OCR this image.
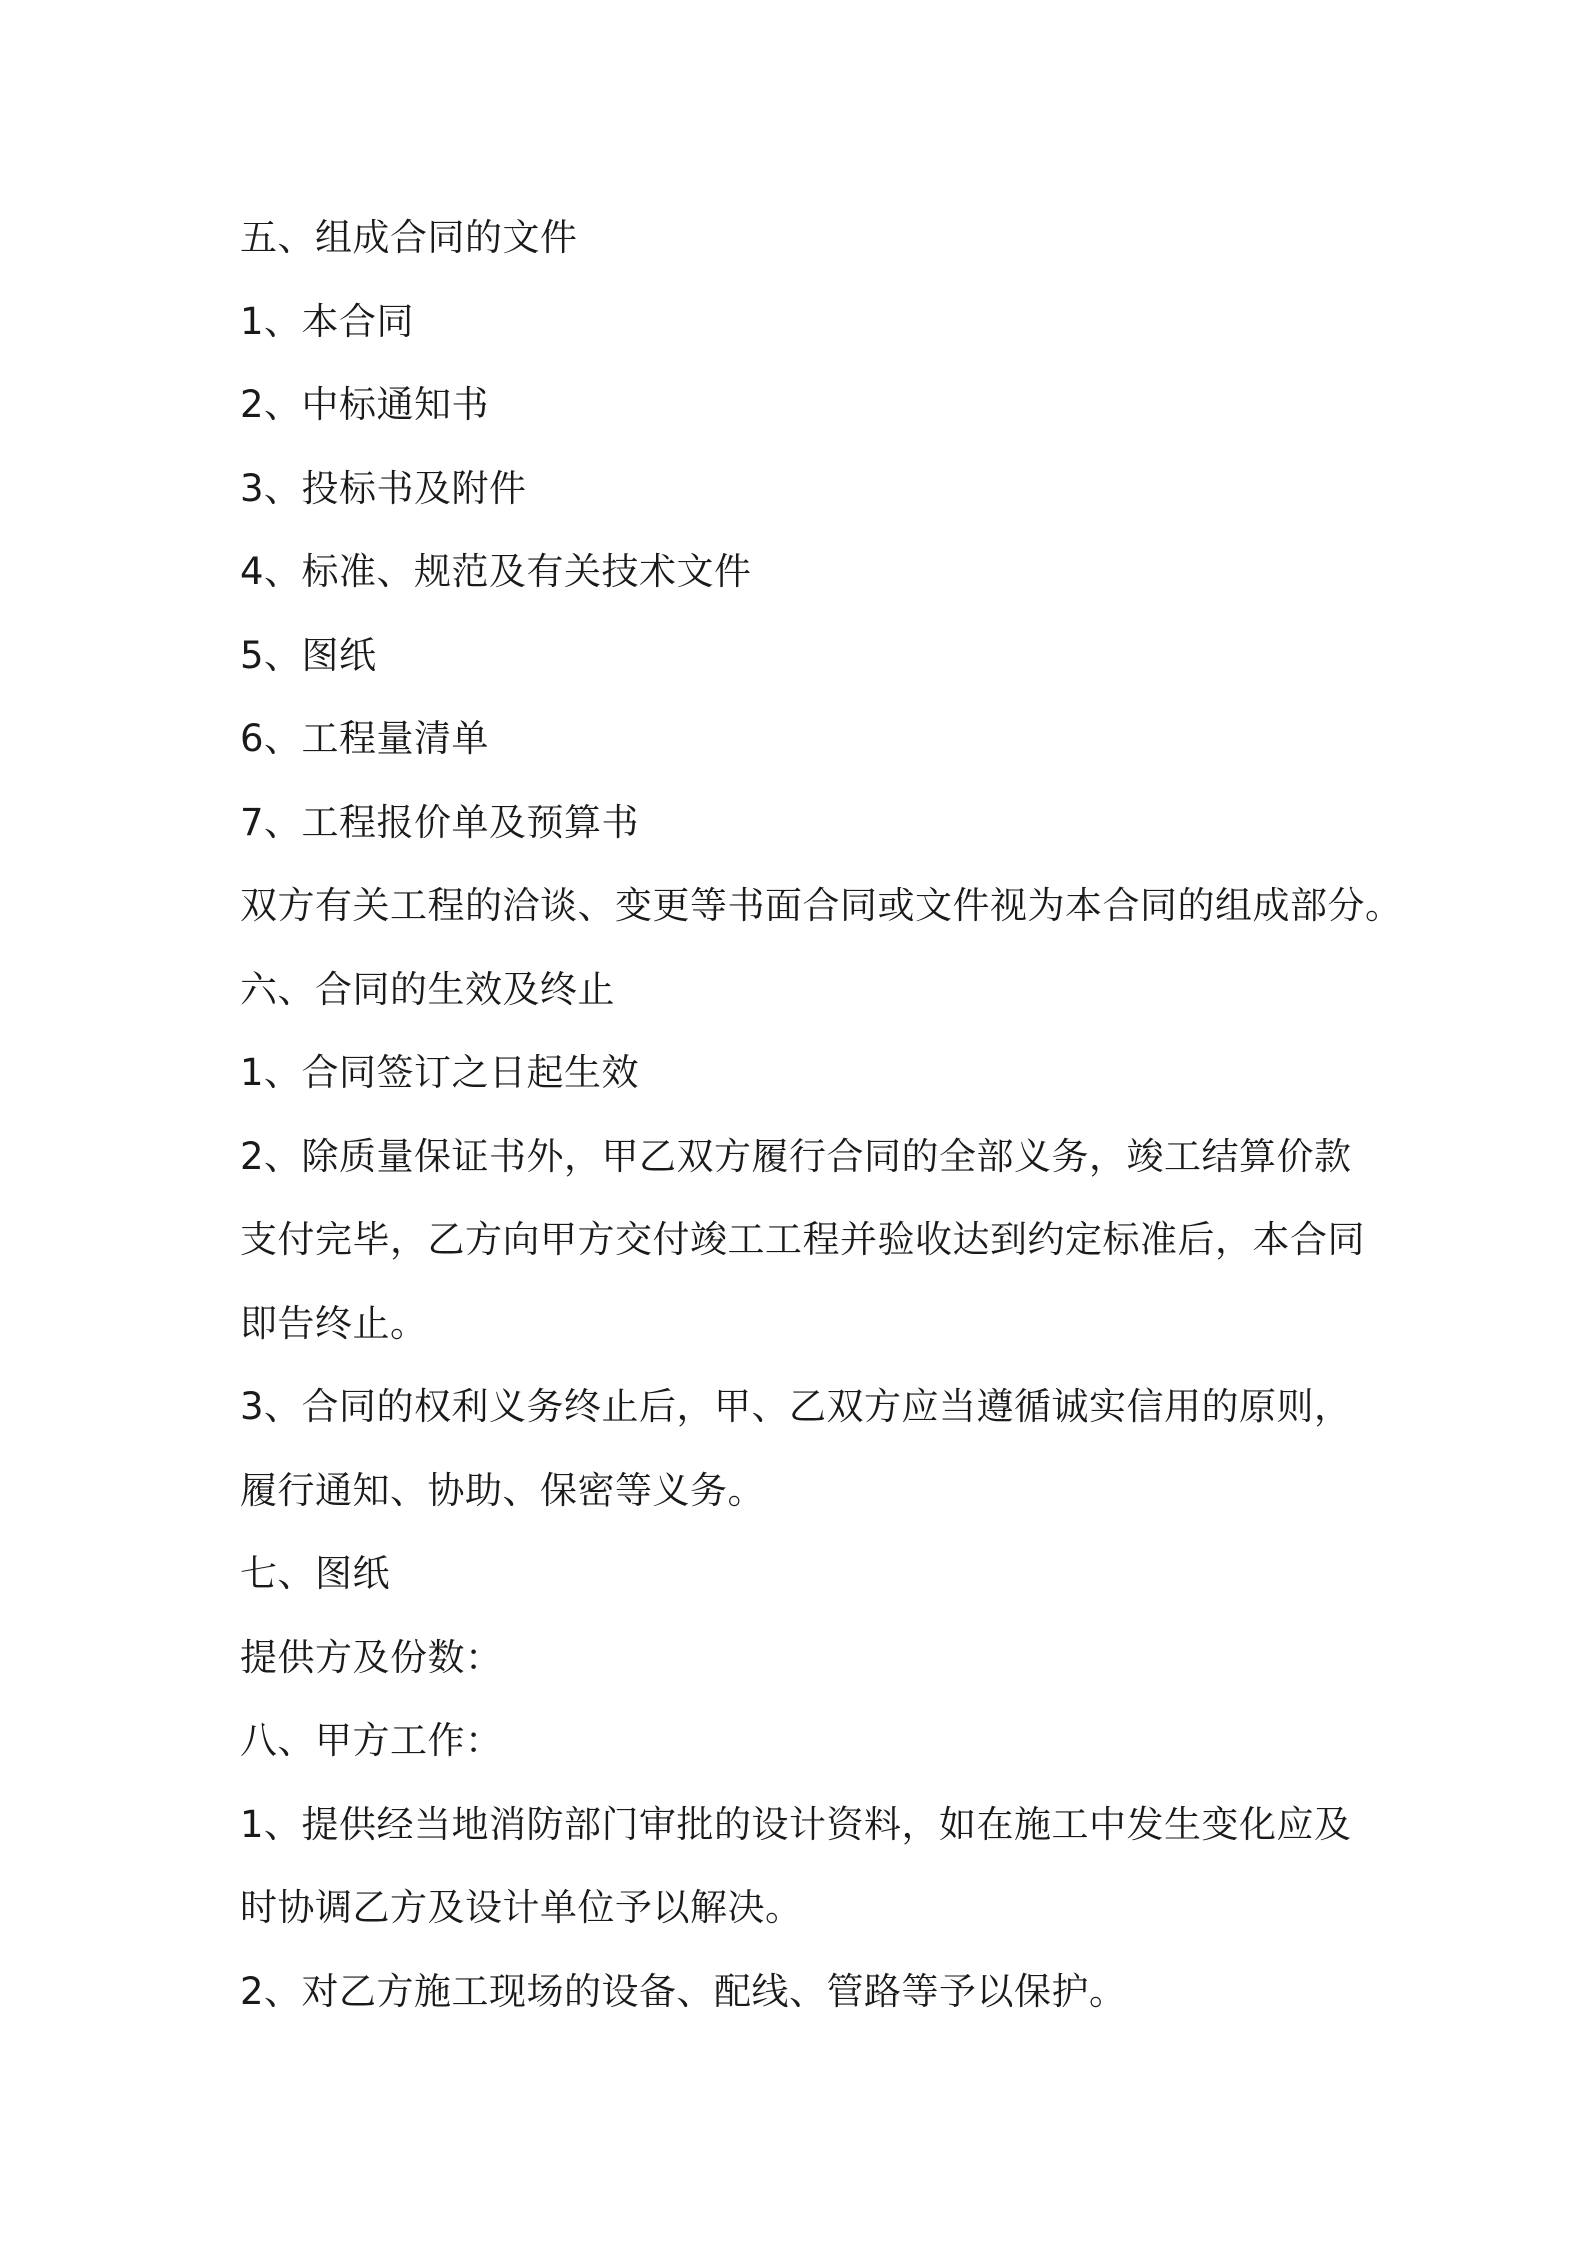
五、组成合同的文件
1、本合同
2、中标通知书
3、投标书及附件
4、标准、规范及有关技术文件
5、图纸
6、工程量清单
7、工程报价单及预算书
双方有关工程的洽谈、变更等书面合同或文件视为本合同的组成部分。
六、合同的生效及终止
1、合同签订之日起生效
2、除质量保证书外，甲乙双方履行合同的全部义务，竣工结算价款
支付完毕，乙方向甲方交付竣工工程并验收达到约定标准后，本合同
即告终止。
3、合同的权利义务终止后，甲、乙双方应当遵循诚实信用的原则，
履行通知、协助、保密等义务。
七、图纸
提供方及份数：
八、甲方工作：
1、提供经当地消防部门审批的设计资料，如在施工中发生变化应及
时协调乙方及设计单位予以解决。
2、对乙方施工现场的设备、配线、管路等予以保护。
